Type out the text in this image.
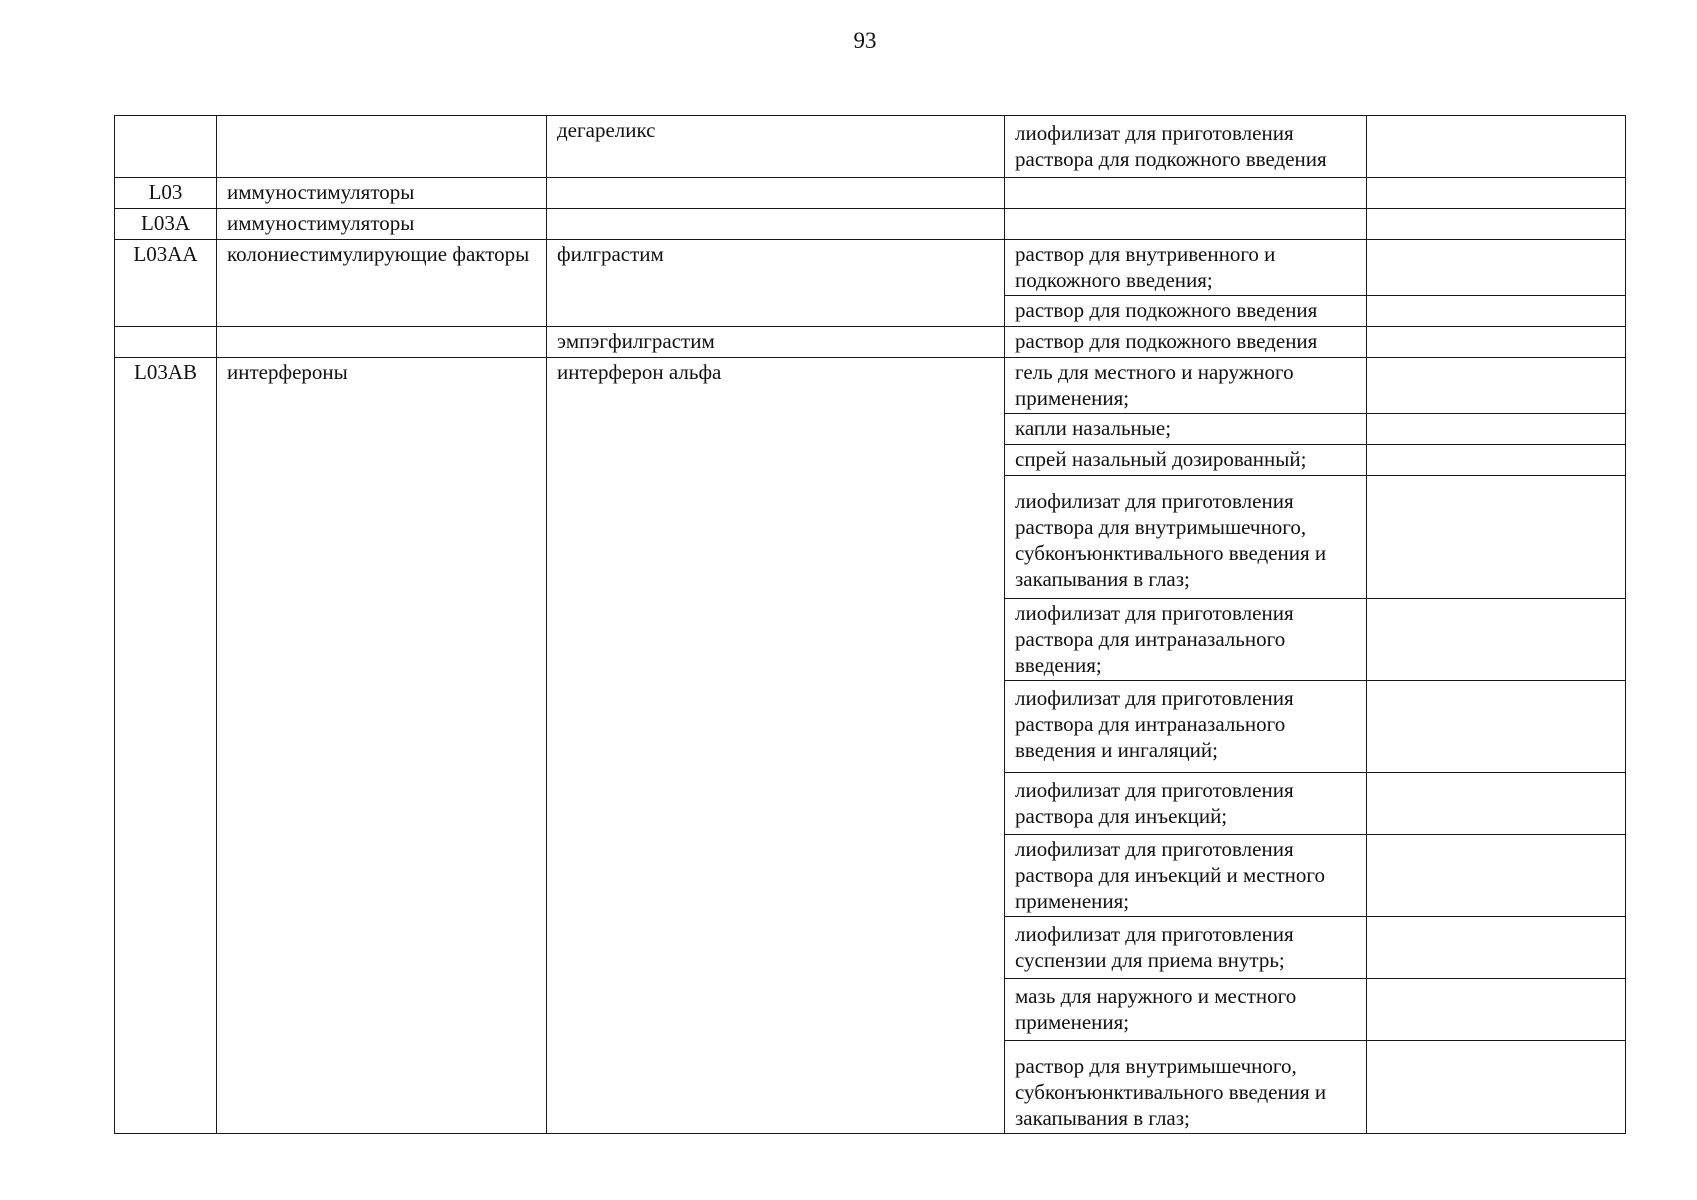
93
		дегареликс	лиофилизат для приготовления раствора для подкожного введения	
L03	иммуностимуляторы			
L03A	иммуностимуляторы			
L03AA	колониестимулирующие факторы	филграстим	раствор для внутривенного и подкожного введения;	
			раствор для подкожного введения	
		эмпэгфилграстим	раствор для подкожного введения	
L03AB	интерфероны	интерферон альфа	гель для местного и наружного применения;	
			капли назальные;	
			спрей назальный дозированный;	
			лиофилизат для приготовления раствора для внутримышечного, субконъюнктивального введения и закапывания в глаз;	
			лиофилизат для приготовления раствора для интраназального введения;	
			лиофилизат для приготовления раствора для интраназального введения и ингаляций;	
			лиофилизат для приготовления раствора для инъекций;	
			лиофилизат для приготовления раствора для инъекций и местного применения;	
			лиофилизат для приготовления суспензии для приема внутрь;	
			мазь для наружного и местного применения;	
			раствор для внутримышечного, субконъюнктивального введения и закапывания в глаз;	
